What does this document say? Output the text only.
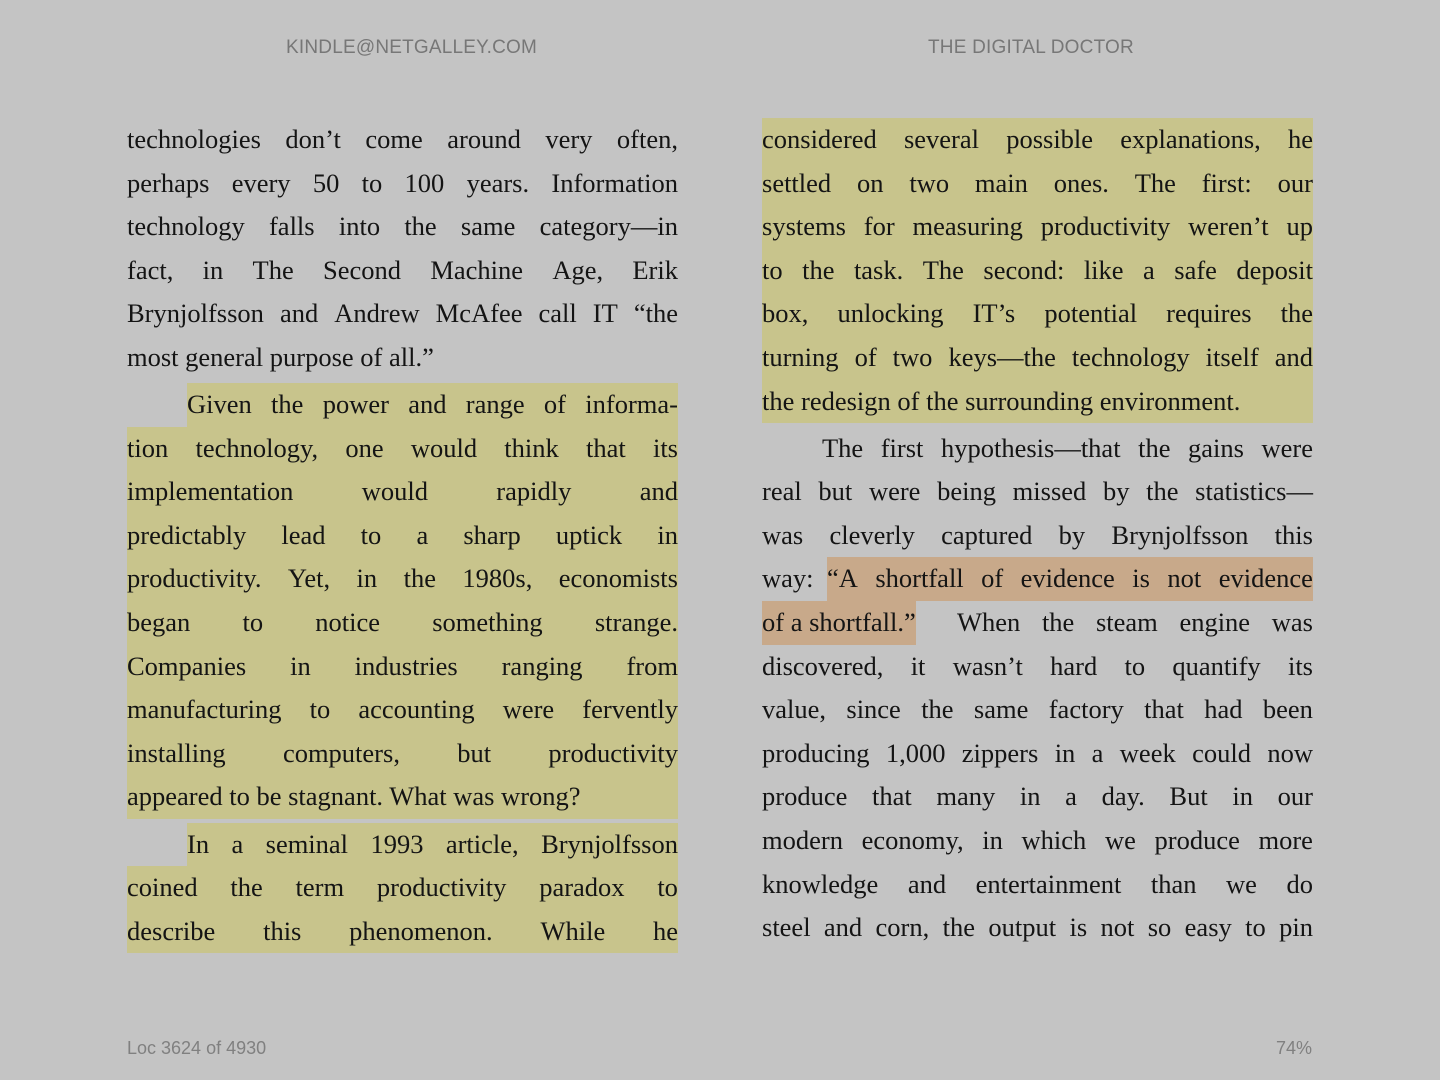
KINDLE@NETGALLEY.COM	THE DIGITAL DOCTOR
technologies don’t come around very often,
perhaps every 50 to 100 years. Information
technology falls into the same category—in
fact, in The Second Machine Age, Erik
Brynjolfsson and Andrew McAfee call IT “the
most general purpose of all.”
Given the power and range of informa-
tion technology, one would think that its
implementation	would	rapidly	and
predictably lead to a sharp uptick in
productivity. Yet, in the 1980s, economists
began to notice something strange.
Companies in industries ranging from
manufacturing to accounting were fervently
installing computers, but productivity
appeared to be stagnant. What was wrong?
In a seminal 1993 article, Brynjolfsson
coined the term productivity paradox to
describe this phenomenon. While he
considered several possible explanations, he
settled on two main ones. The first: our
systems for measuring productivity weren’t up
to the task. The second: like a safe deposit
box, unlocking IT’s potential requires the
turning of two keys—the technology itself and
the redesign of the surrounding environment.
The first hypothesis—that the gains were
real but were being missed by the statistics—
was cleverly captured by Brynjolfsson this
way: “A shortfall of evidence is not evidence
of a shortfall.” When the steam engine was
discovered, it wasn’t hard to quantify its
value, since the same factory that had been
producing 1,000 zippers in a week could now
produce that many in a day. But in our
modern economy, in which we produce more
knowledge and entertainment than we do
steel and corn, the output is not so easy to pin
Loc 3624 of 4930	74%
